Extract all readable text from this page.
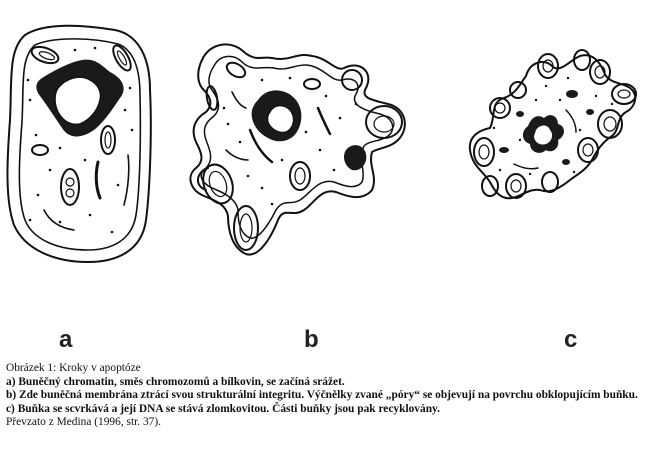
a	b	c

Obrázek 1: Kroky v apoptóze

a) Buněčný chromatin, směs chromozomů a bílkovin, se začíná srážet.

b) Zde buněčná membrána ztrácí svou strukturální integritu. Výčnělky zvané „póry“ se objevují na povrchu obklopujícím buňku.

c) Buňka se scvrkává a její DNA se stává zlomkovitou. Části buňky jsou pak recyklovány.

Převzato z Medina (1996, str. 37).
